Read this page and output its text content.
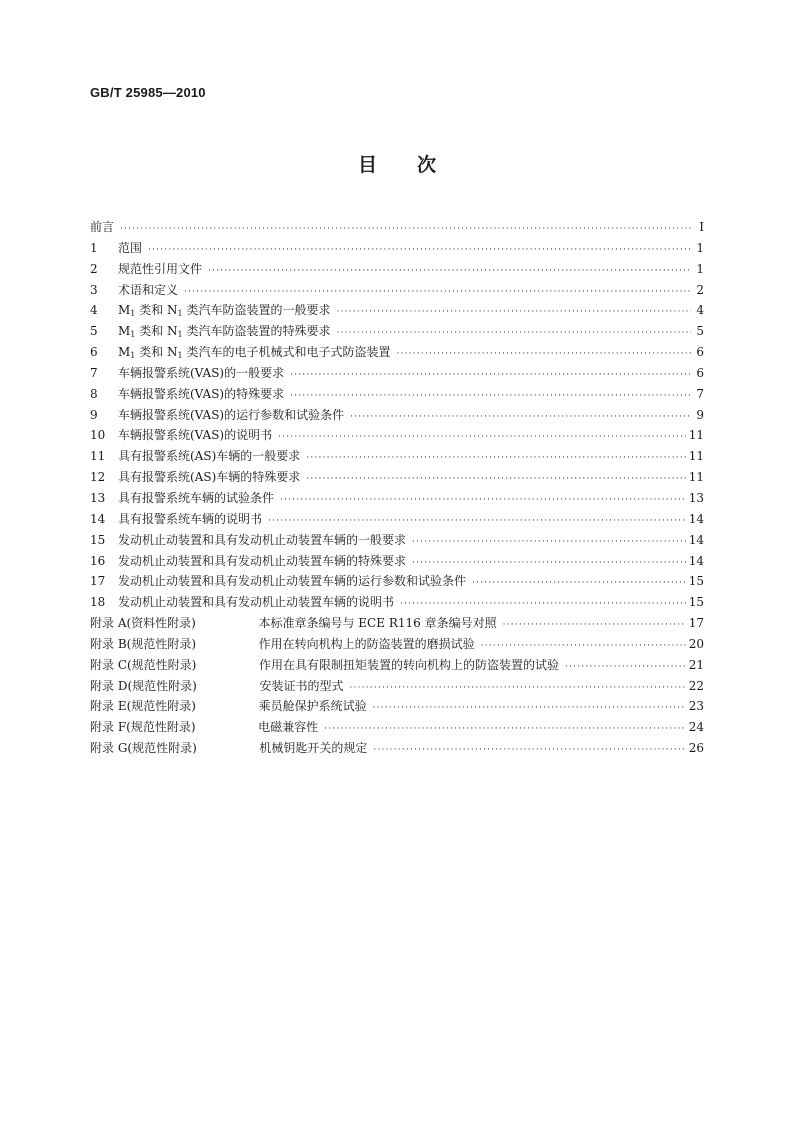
GB/T 25985—2010
目次
前言 ·····	Ⅰ
1	范围 ·····	1
2	规范性引用文件 ·····	1
3	术语和定义 ·····	2
4	$M_1$ 类和 $N_1$ 类汽车防盗装置的一般要求 ·····	4
5	$M_1$ 类和 $N_1$ 类汽车防盗装置的特殊要求 ·····	5
6	$M_1$ 类和 $N_1$ 类汽车的电子机械式和电子式防盗装置 ·····	6
7	车辆报警系统(VAS)的一般要求 ·····	6
8	车辆报警系统(VAS)的特殊要求 ·····	7
9	车辆报警系统(VAS)的运行参数和试验条件 ·····	9
10	车辆报警系统(VAS)的说明书 ·····	11
11	具有报警系统(AS)车辆的一般要求 ·····	11
12	具有报警系统(AS)车辆的特殊要求 ·····	11
13	具有报警系统车辆的试验条件 ·····	13
14	具有报警系统车辆的说明书 ·····	14
15	发动机止动装置和具有发动机止动装置车辆的一般要求 ·····	14
16	发动机止动装置和具有发动机止动装置车辆的特殊要求 ·····	14
17	发动机止动装置和具有发动机止动装置车辆的运行参数和试验条件 ·····	15
18	发动机止动装置和具有发动机止动装置车辆的说明书 ·····	15
附录 A (资料性附录)	本标准章条编号与 ECE R116 章条编号对照 ·····	17
附录 B (规范性附录)	作用在转向机构上的防盗装置的磨损试验 ·····	20
附录 C (规范性附录)	作用在具有限制扭矩装置的转向机构上的防盗装置的试验 ·····	21
附录 D (规范性附录)	安装证书的型式 ·····	22
附录 E (规范性附录)	乘员舱保护系统试验 ·····	23
附录 F (规范性附录)	电磁兼容性 ·····	24
附录 G (规范性附录)	机械钥匙开关的规定 ·····	26
